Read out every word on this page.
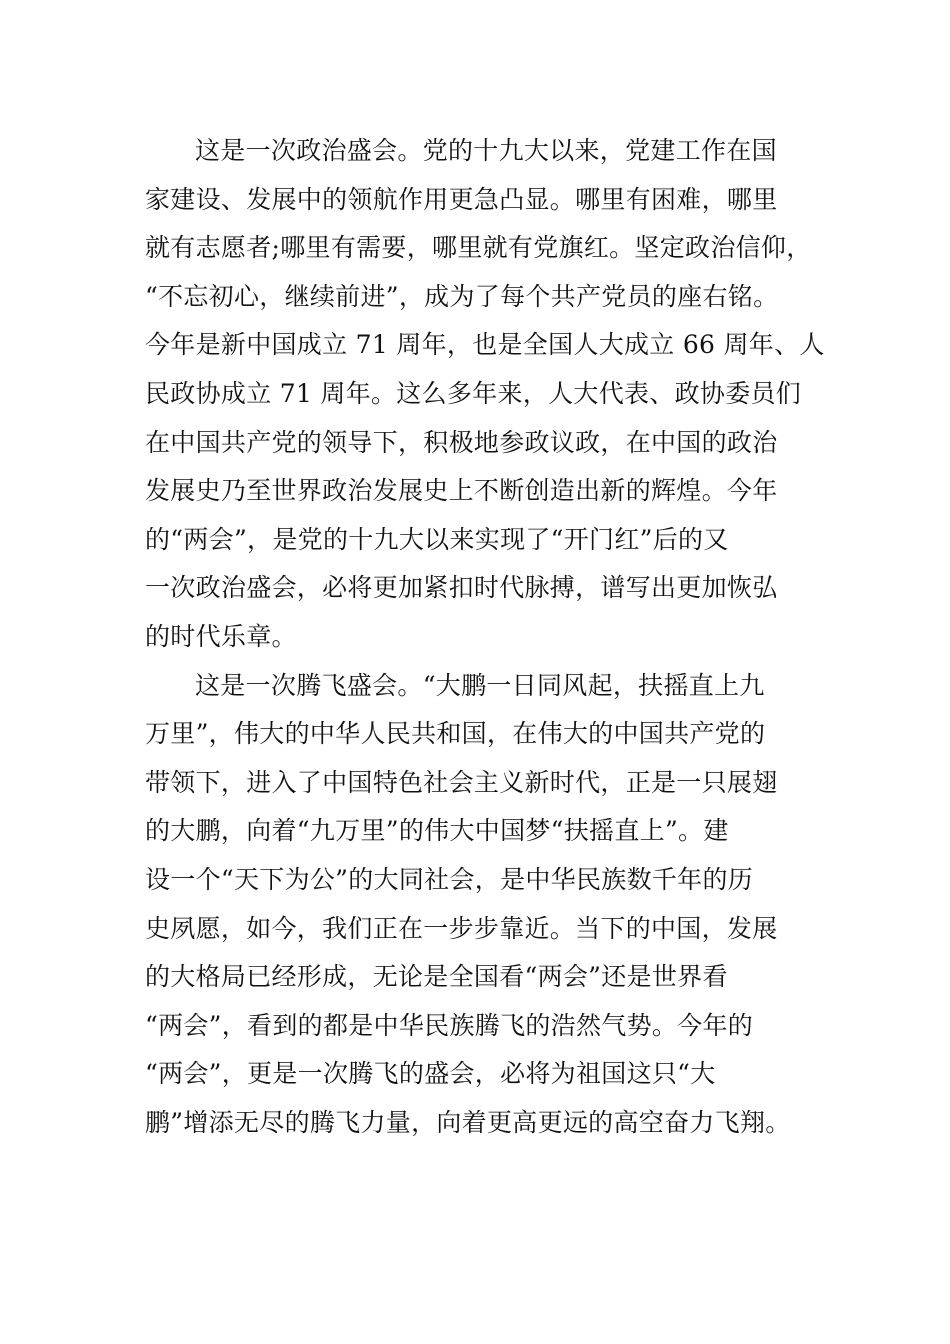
这是一次政治盛会。党的十九大以来，党建工作在国
家建设、发展中的领航作用更急凸显。哪里有困难，哪里
就有志愿者;哪里有需要，哪里就有党旗红。坚定政治信仰，
“不忘初心，继续前进”，成为了每个共产党员的座右铭。
今年是新中国成立 71 周年，也是全国人大成立 66 周年、人
民政协成立 71 周年。这么多年来，人大代表、政协委员们
在中国共产党的领导下，积极地参政议政，在中国的政治
发展史乃至世界政治发展史上不断创造出新的辉煌。今年
的“两会”，是党的十九大以来实现了“开门红”后的又
一次政治盛会，必将更加紧扣时代脉搏，谱写出更加恢弘
的时代乐章。
这是一次腾飞盛会。“大鹏一日同风起，扶摇直上九
万里”，伟大的中华人民共和国，在伟大的中国共产党的
带领下，进入了中国特色社会主义新时代，正是一只展翅
的大鹏，向着“九万里”的伟大中国梦“扶摇直上”。建
设一个“天下为公”的大同社会，是中华民族数千年的历
史夙愿，如今，我们正在一步步靠近。当下的中国，发展
的大格局已经形成，无论是全国看“两会”还是世界看
“两会”，看到的都是中华民族腾飞的浩然气势。今年的
“两会”，更是一次腾飞的盛会，必将为祖国这只“大
鹏”增添无尽的腾飞力量，向着更高更远的高空奋力飞翔。
